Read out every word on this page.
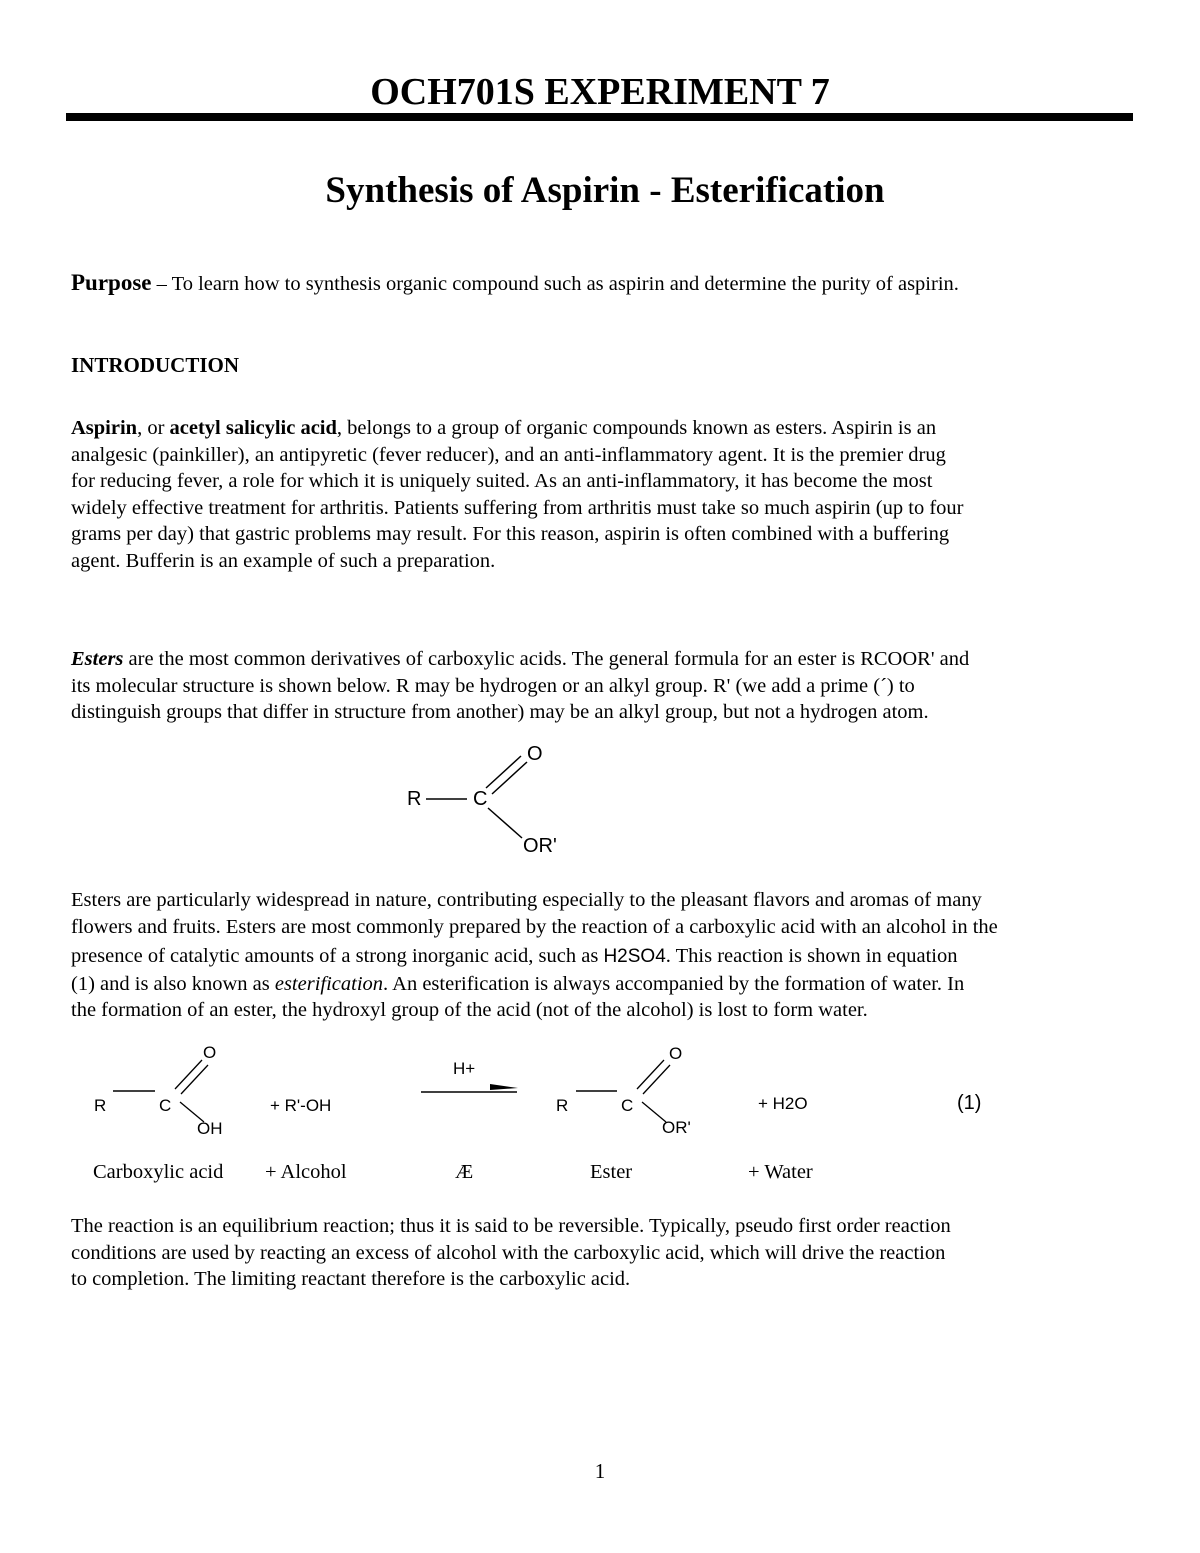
OCH701S EXPERIMENT 7
Synthesis of Aspirin - Esterification
Purpose – To learn how to synthesis organic compound such as aspirin and determine the purity of aspirin.
INTRODUCTION

Aspirin, or acetyl salicylic acid, belongs to a group of organic compounds known as esters. Aspirin is an
analgesic (painkiller), an antipyretic (fever reducer), and an anti-inflammatory agent. It is the premier drug
for reducing fever, a role for which it is uniquely suited. As an anti-inflammatory, it has become the most
widely effective treatment for arthritis. Patients suffering from arthritis must take so much aspirin (up to four
grams per day) that gastric problems may result. For this reason, aspirin is often combined with a buffering
agent. Bufferin is an example of such a preparation.

Esters are the most common derivatives of carboxylic acids. The general formula for an ester is RCOOR' and
its molecular structure is shown below. R may be hydrogen or an alkyl group. R' (we add a prime (´) to
distinguish groups that differ in structure from another) may be an alkyl group, but not a hydrogen atom.

R	C
O
OR'

Esters are particularly widespread in nature, contributing especially to the pleasant flavors and aromas of many
flowers and fruits. Esters are most commonly prepared by the reaction of a carboxylic acid with an alcohol in the
presence of catalytic amounts of a strong inorganic acid, such as H2SO4. This reaction is shown in equation
(1) and is also known as esterification. An esterification is always accompanied by the formation of water. In
the formation of an ester, the hydroxyl group of the acid (not of the alcohol) is lost to form water.

R	C
O
OH
+ R'-OH
H+
R	C
O
OR'
+ H2O	(1)
Carboxylic acid + Alcohol	Æ	Ester	+ Water

The reaction is an equilibrium reaction; thus it is said to be reversible. Typically, pseudo first order reaction
conditions are used by reacting an excess of alcohol with the carboxylic acid, which will drive the reaction
to completion. The limiting reactant therefore is the carboxylic acid.

1
